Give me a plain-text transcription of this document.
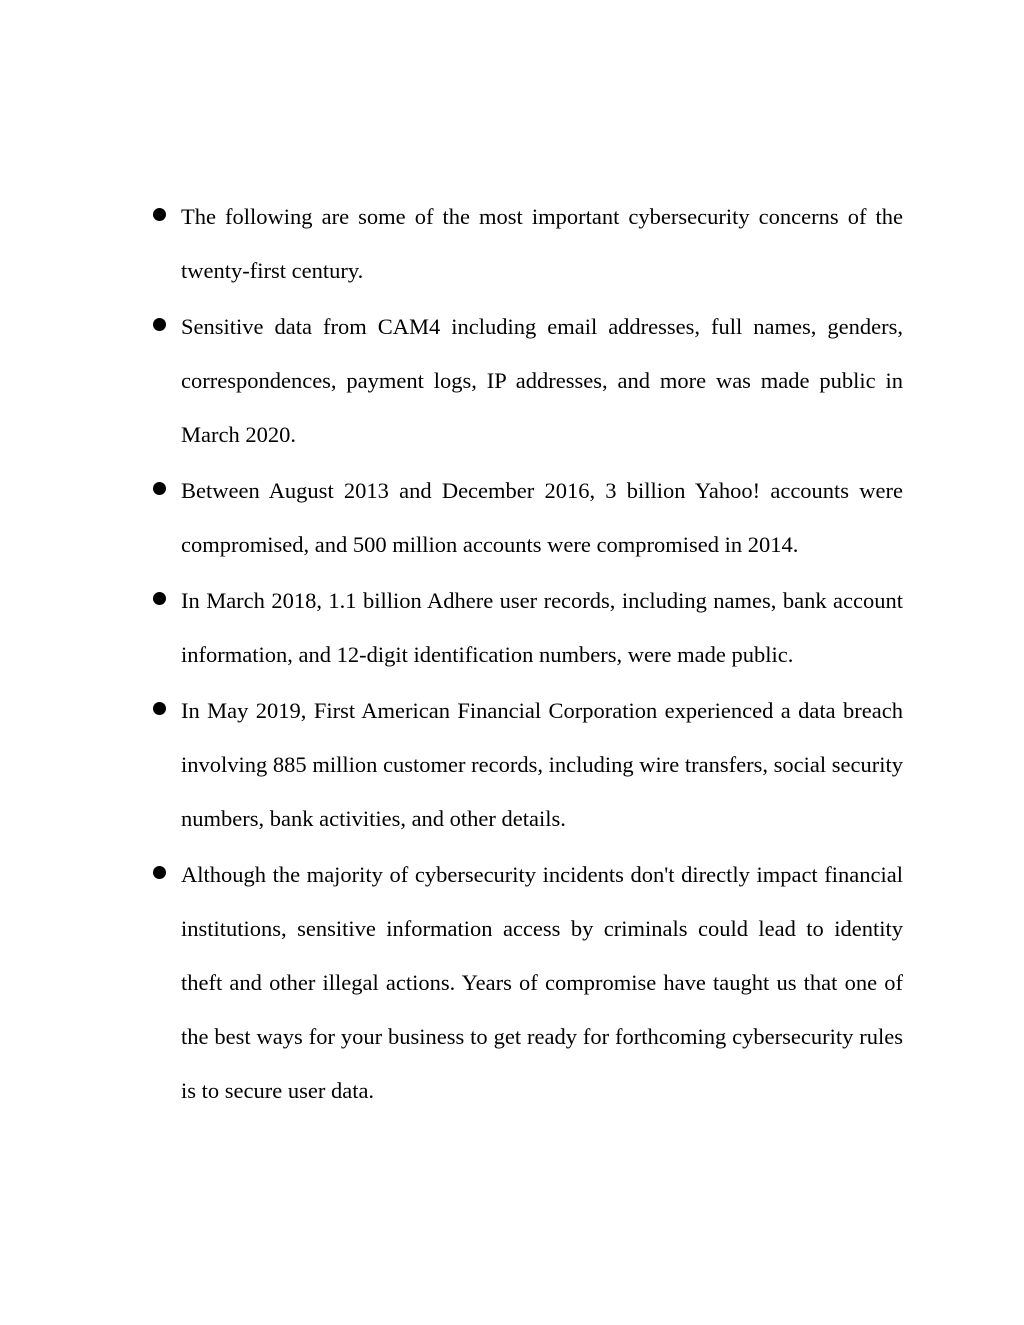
The following are some of the most important cybersecurity concerns of the twenty-first century.
Sensitive data from CAM4 including email addresses, full names, genders, correspondences, payment logs, IP addresses, and more was made public in March 2020.
Between August 2013 and December 2016, 3 billion Yahoo! accounts were compromised, and 500 million accounts were compromised in 2014.
In March 2018, 1.1 billion Adhere user records, including names, bank account information, and 12-digit identification numbers, were made public.
In May 2019, First American Financial Corporation experienced a data breach involving 885 million customer records, including wire transfers, social security numbers, bank activities, and other details.
Although the majority of cybersecurity incidents don't directly impact financial institutions, sensitive information access by criminals could lead to identity theft and other illegal actions. Years of compromise have taught us that one of the best ways for your business to get ready for forthcoming cybersecurity rules is to secure user data.
